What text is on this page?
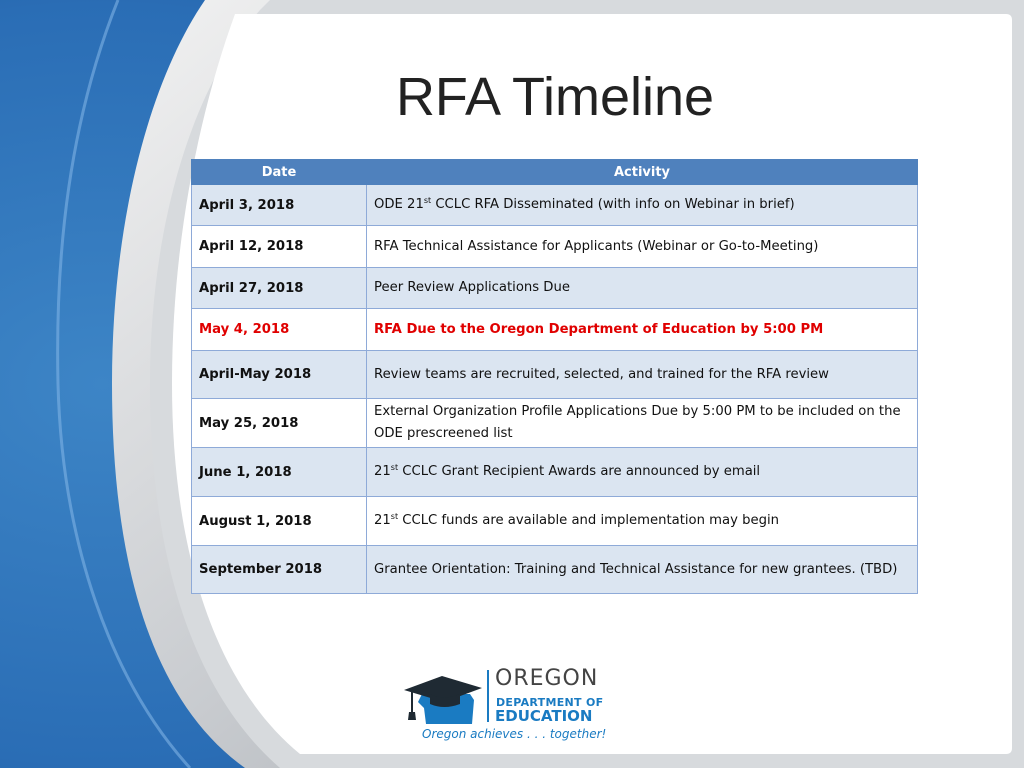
RFA Timeline
Date	Activity
April 3, 2018	ODE 21st CCLC RFA Disseminated (with info on Webinar in brief)
April 12, 2018	RFA Technical Assistance for Applicants (Webinar or Go-to-Meeting)
April 27, 2018	Peer Review Applications Due
May 4, 2018	RFA Due to the Oregon Department of Education by 5:00 PM
April-May 2018	Review teams are recruited, selected, and trained for the RFA review
May 25, 2018	External Organization Profile Applications Due by 5:00 PM to be included on the ODE prescreened list
June 1, 2018	21st CCLC Grant Recipient Awards are announced by email
August 1, 2018	21st CCLC funds are available and implementation may begin
September 2018	Grantee Orientation: Training and Technical Assistance for new grantees. (TBD)
OREGON
DEPARTMENT OF
EDUCATION
Oregon achieves . . . together!
